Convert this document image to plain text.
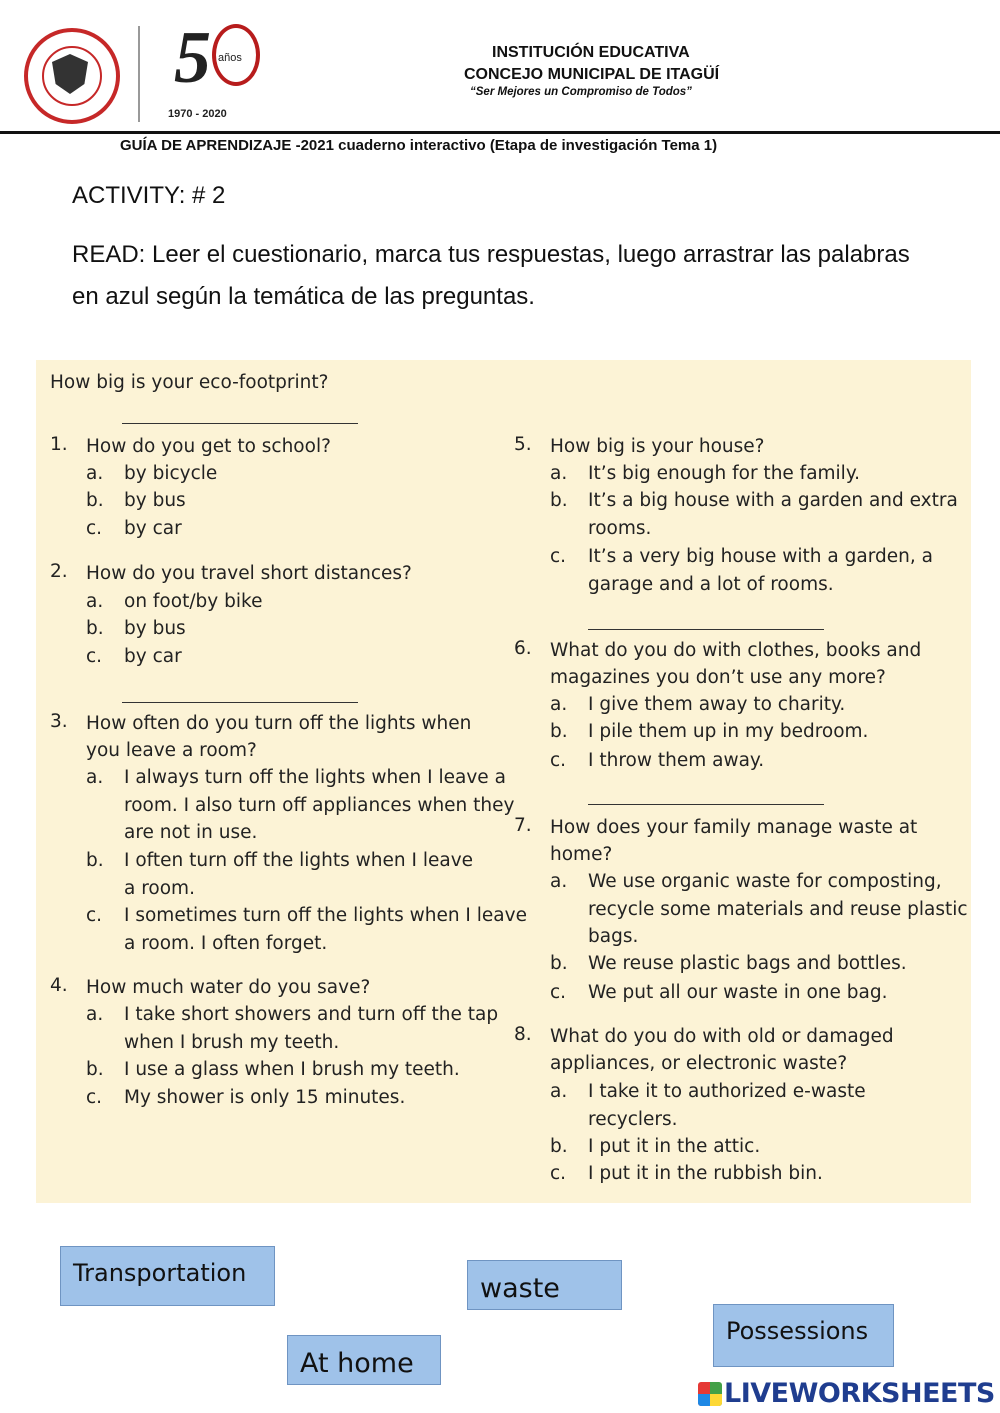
5 años
1970 - 2020
INSTITUCIÓN EDUCATIVA
CONCEJO MUNICIPAL DE ITAGÜÍ
“Ser Mejores un Compromiso de Todos”
GUÍA DE APRENDIZAJE -2021 cuaderno interactivo (Etapa de investigación Tema 1)
ACTIVITY: # 2
READ: Leer el cuestionario, marca tus respuestas, luego arrastrar las palabras en azul según la temática de las preguntas.
How big is your eco-footprint?
1. How do you get to school?
a. by bicycle
b. by bus
c. by car
2. How do you travel short distances?
a. on foot/by bike
b. by bus
c. by car
3. How often do you turn off the lights when you leave a room?
a. I always turn off the lights when I leave a room. I also turn off appliances when they are not in use.
b. I often turn off the lights when I leave a room.
c. I sometimes turn off the lights when I leave a room. I often forget.
4. How much water do you save?
a. I take short showers and turn off the tap when I brush my teeth.
b. I use a glass when I brush my teeth.
c. My shower is only 15 minutes.
5. How big is your house?
a. It’s big enough for the family.
b. It’s a big house with a garden and extra rooms.
c. It’s a very big house with a garden, a garage and a lot of rooms.
6. What do you do with clothes, books and magazines you don’t use any more?
a. I give them away to charity.
b. I pile them up in my bedroom.
c. I throw them away.
7. How does your family manage waste at home?
a. We use organic waste for composting, recycle some materials and reuse plastic bags.
b. We reuse plastic bags and bottles.
c. We put all our waste in one bag.
8. What do you do with old or damaged appliances, or electronic waste?
a. I take it to authorized e-waste recyclers.
b. I put it in the attic.
c. I put it in the rubbish bin.
Transportation	waste
Possessions
At home
LIVEWORKSHEETS
